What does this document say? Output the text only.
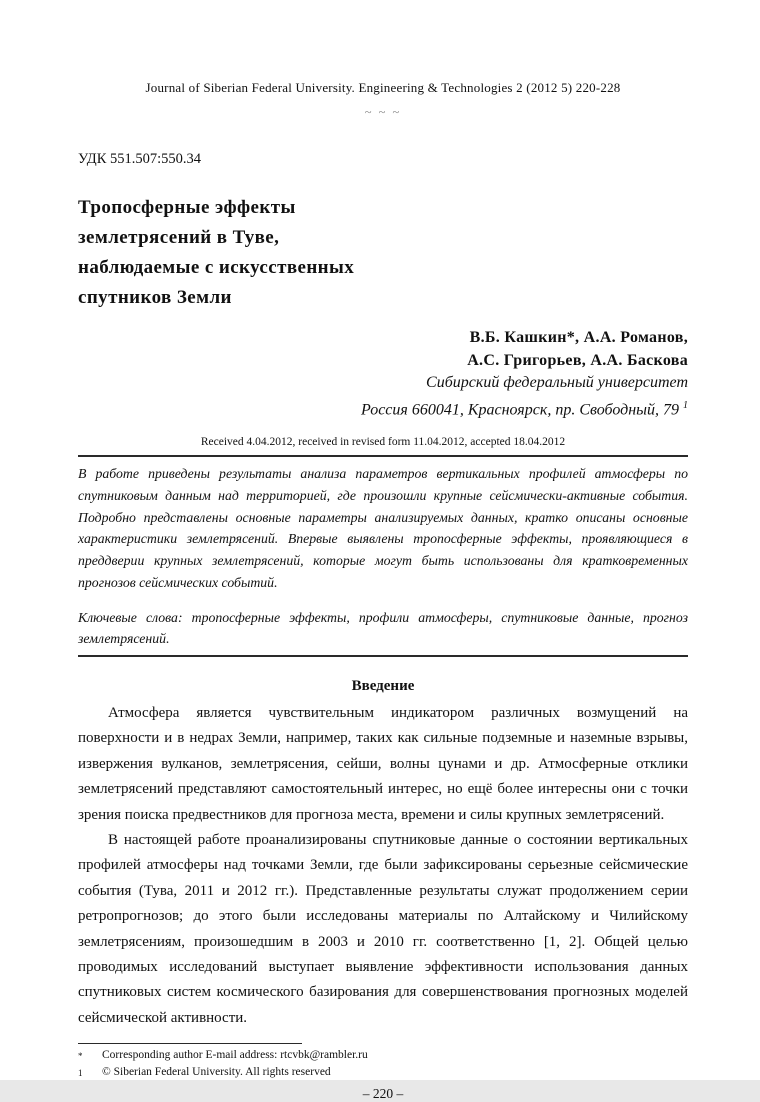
Journal of Siberian Federal University. Engineering & Technologies 2 (2012 5) 220-228
~ ~ ~
УДК 551.507:550.34
Тропосферные эффекты
землетрясений в Туве,
наблюдаемые с искусственных
спутников Земли
В.Б. Кашкин*, А.А. Романов,
А.С. Григорьев, А.А. Баскова
Сибирский федеральный университет
Россия 660041, Красноярск, пр. Свободный, 79 $^1$
Received 4.04.2012, received in revised form 11.04.2012, accepted 18.04.2012
В работе приведены результаты анализа параметров вертикальных профилей атмосферы по спутниковым данным над территорией, где произошли крупные сейсмически-активные события. Подробно представлены основные параметры анализируемых данных, кратко описаны основные характеристики землетрясений. Впервые выявлены тропосферные эффекты, проявляющиеся в преддверии крупных землетрясений, которые могут быть использованы для кратковременных прогнозов сейсмических событий.
Ключевые слова: тропосферные эффекты, профили атмосферы, спутниковые данные, прогноз землетрясений.
Введение
Атмосфера является чувствительным индикатором различных возмущений на поверхности и в недрах Земли, например, таких как сильные подземные и наземные взрывы, извержения вулканов, землетрясения, сейши, волны цунами и др. Атмосферные отклики землетрясений представляют самостоятельный интерес, но ещё более интересны они с точки зрения поиска предвестников для прогноза места, времени и силы крупных землетрясений.
В настоящей работе проанализированы спутниковые данные о состоянии вертикальных профилей атмосферы над точками Земли, где были зафиксированы серьезные сейсмические события (Тува, 2011 и 2012 гг.). Представленные результаты служат продолжением серии ретропрогнозов; до этого были исследованы материалы по Алтайскому и Чилийскому землетрясениям, произошедшим в 2003 и 2010 гг. соответственно [1, 2]. Общей целью проводимых исследований выступает выявление эффективности использования данных спутниковых систем космического базирования для совершенствования прогнозных моделей сейсмической активности.
*	Corresponding author E-mail address: rtcvbk@rambler.ru
1	© Siberian Federal University. All rights reserved
– 220 –
